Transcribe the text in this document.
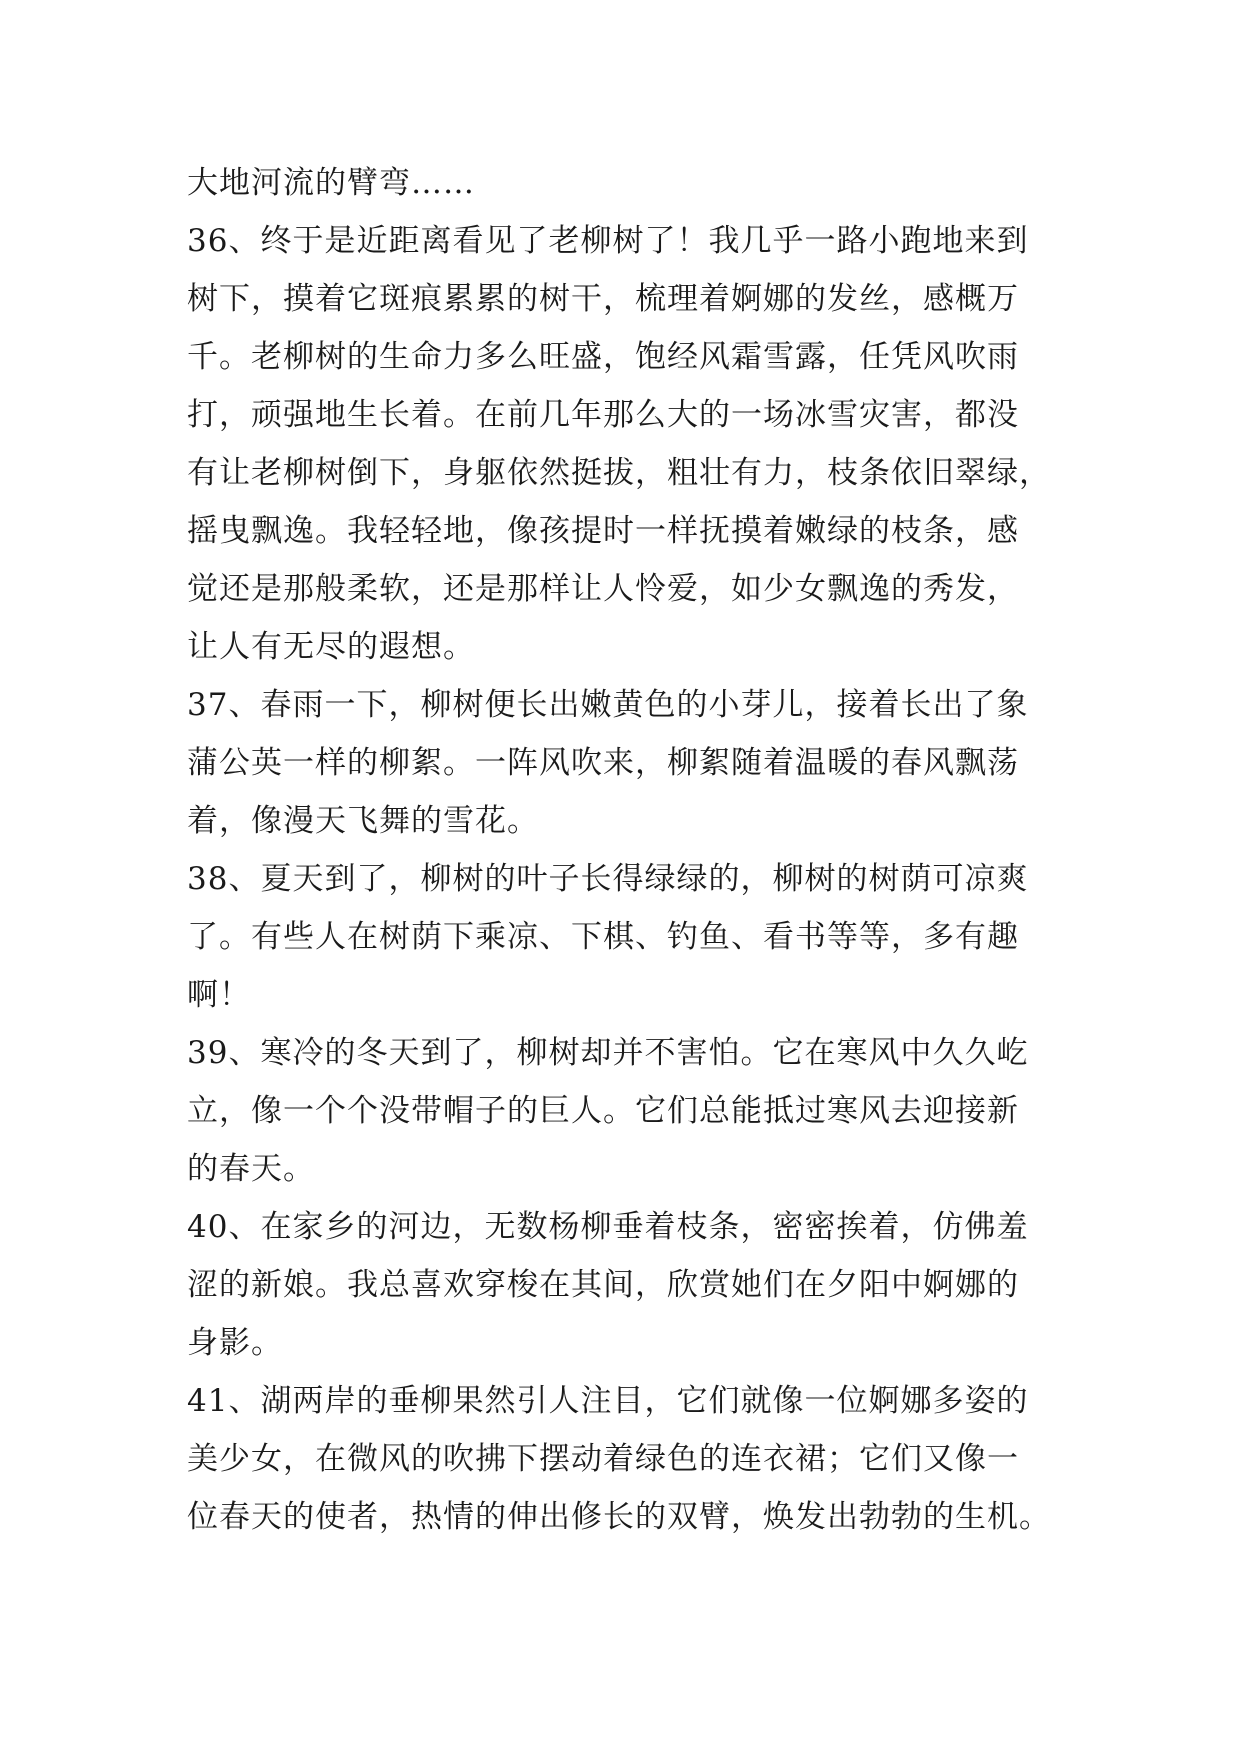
大地河流的臂弯……
36、终于是近距离看见了老柳树了！我几乎一路小跑地来到
树下，摸着它斑痕累累的树干，梳理着婀娜的发丝，感概万
千。老柳树的生命力多么旺盛，饱经风霜雪露，任凭风吹雨
打，顽强地生长着。在前几年那么大的一场冰雪灾害，都没
有让老柳树倒下，身躯依然挺拔，粗壮有力，枝条依旧翠绿，
摇曳飘逸。我轻轻地，像孩提时一样抚摸着嫩绿的枝条，感
觉还是那般柔软，还是那样让人怜爱，如少女飘逸的秀发，
让人有无尽的遐想。
37、春雨一下，柳树便长出嫩黄色的小芽儿，接着长出了象
蒲公英一样的柳絮。一阵风吹来，柳絮随着温暖的春风飘荡
着，像漫天飞舞的雪花。
38、夏天到了，柳树的叶子长得绿绿的，柳树的树荫可凉爽
了。有些人在树荫下乘凉、下棋、钓鱼、看书等等，多有趣
啊！
39、寒冷的冬天到了，柳树却并不害怕。它在寒风中久久屹
立，像一个个没带帽子的巨人。它们总能抵过寒风去迎接新
的春天。
40、在家乡的河边，无数杨柳垂着枝条，密密挨着，仿佛羞
涩的新娘。我总喜欢穿梭在其间，欣赏她们在夕阳中婀娜的
身影。
41、湖两岸的垂柳果然引人注目，它们就像一位婀娜多姿的
美少女，在微风的吹拂下摆动着绿色的连衣裙；它们又像一
位春天的使者，热情的伸出修长的双臂，焕发出勃勃的生机。
